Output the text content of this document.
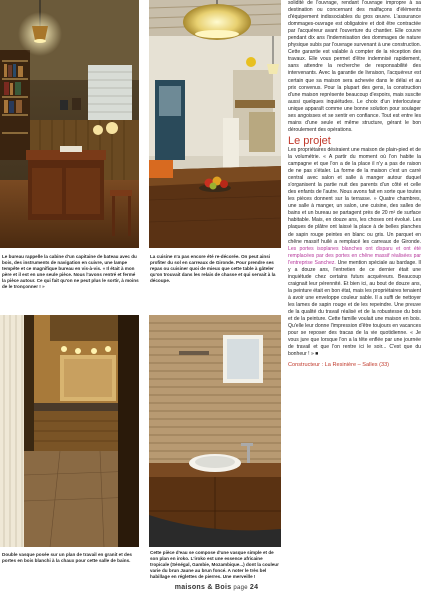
Le bureau rappelle la cabine d'un capitaine de bateau avec du bois, des instruments de navigation en cuivre, une lampe tempête et ce magnifique bureau en vis-à-vis. « Il était à mon père et il est en une seule pièce. Nous l'avons rentré et fermé la pièce autour. Ce qui fait qu'on ne peut plus le sortir, à moins de le tronçonner ! »

La cuisine n'a pas encore été re-décorée. On peut ainsi profiter du sol en carreaux de Gironde. Pour prendre ses repas ou cuisiner quoi de mieux que cette table à gâteler qu'on trouvait dans les relais de chasse et qui servait à la découpe.

Double vasque posée sur un plan de travail en granit et des portes en bois blanchi à la chaux pour cette salle de bains.

Cette pièce d'eau se compose d'une vasque simple et de son plan en iroko. L'iroko est une essence africaine tropicale (Sénégal, Gambie, Mozambique...) dont la couleur varie du brun Jaune au brun foncé. A noter le très bel habillage en réglettes de pierres. Une merveille !

solidité de l'ouvrage, rendant l'ouvrage impropre à sa destination ou concernant des malfaçons d'éléments d'équipement indissociables du gros œuvre. L'assurance dommages-ouvrage est obligatoire et doit être contractée par l'acquéreur avant l'ouverture du chantier. Elle couvre pendant dix ans l'indemnisation des dommages de nature physique subis par l'ouvrage survenant à une construction. Cette garantie est valable à compter de la réception des travaux. Elle vous permet d'être indemnisé rapidement, sans attendre la recherche de responsabilité des intervenants. Avec la garantie de livraison, l'acquéreur est certain que sa maison sera achevée dans le délai et au prix convenus. Pour la plupart des gens, la construction d'une maison représente beaucoup d'espoirs, mais suscite aussi quelques inquiétudes. Le choix d'un interlocuteur unique apparaît comme une bonne solution pour soulager ses angoisses et se sentir en confiance. Tout est entre les mains d'une seule et même structure, gérant le bon déroulement des opérations.

Le projet

Les propriétaires désiraient une maison de plain-pied et de la volumétrie. « A partir du moment où l'on habite la campagne et que l'on a de la place il n'y a pas de raison de ne pas s'étaler. La forme de la maison c'est un carré central avec salon et salle à manger autour duquel s'organisent la partie nuit des parents d'un côté et celle des enfants de l'autre. Nous avons fait en sorte que toutes les pièces donnent sur la terrasse. » Quatre chambres, une salle à manger, un salon, une cuisine, des salles de bains et un bureau se partagent près de 20 m² de surface habitable. Mais, en douze ans, les choses ont évolué. Les plaques de plâtre ont laissé la place à de belles planches de sapin rouge peintes en blanc ou gris. Un parquet en chêne massif huilé a remplacé les carreaux de Gironde. Les portes isoplanes blanches ont disparu et ont été remplacées par des portes en chêne massif réalisées par l'entreprise Sanchez. Une mention spéciale au bardage. Il y a douze ans, l'entretien de ce dernier était une inquiétude chez certains futurs acquéreurs. Beaucoup craignait leur pérennité. Et bien ici, au bout de douze ans, la peinture était en bon état, mais les propriétaires tenaient à avoir une enveloppe couleur sable. Il a suffi de nettoyer les lames de sapin rouge et de les repeindre. Une preuve de la qualité du travail réalisé et de la robustesse du bois et de la peinture. Cette famille voulait une maison en bois. Qu'elle leur donne l'impression d'être toujours en vacances pour se reposer des tracas de la vie quotidienne. « Je vous jure que lorsque l'on a la tête enflée par une journée de travail et que l'on rentre ici le soir... C'est que du bonheur ! » ■

Constructeur : La Resinière – Salles (33)
maisons & Bois page 24
